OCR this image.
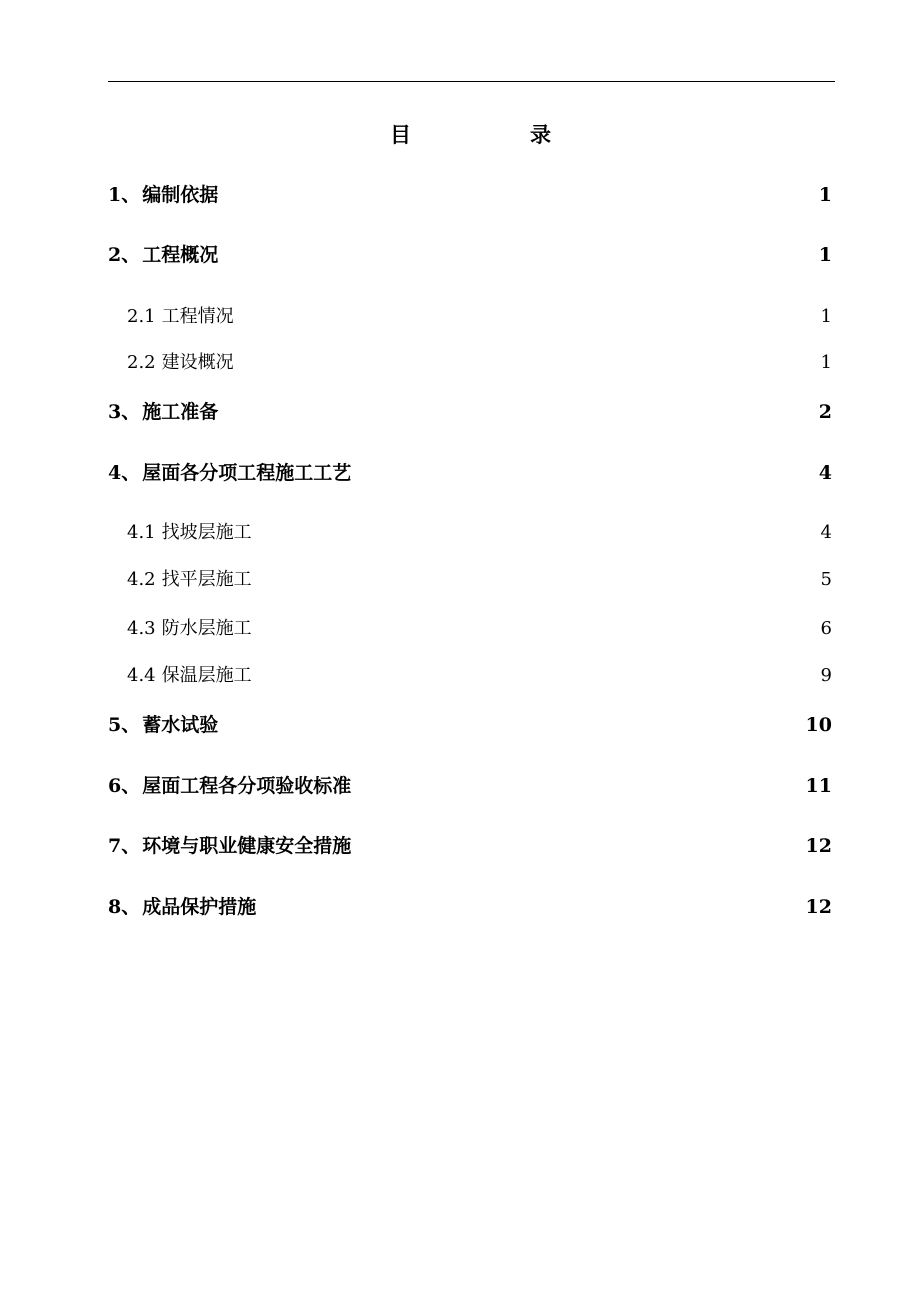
目	录
1、 编制依据	1
2、 工程概况	1
2.1 工程情况	1
2.2 建设概况	1
3、 施工准备	2
4、 屋面各分项工程施工工艺	4
4.1 找坡层施工	4
4.2 找平层施工	5
4.3 防水层施工	6
4.4 保温层施工	9
5、 蓄水试验	10
6、 屋面工程各分项验收标准	11
7、 环境与职业健康安全措施	12
8、 成品保护措施	12
